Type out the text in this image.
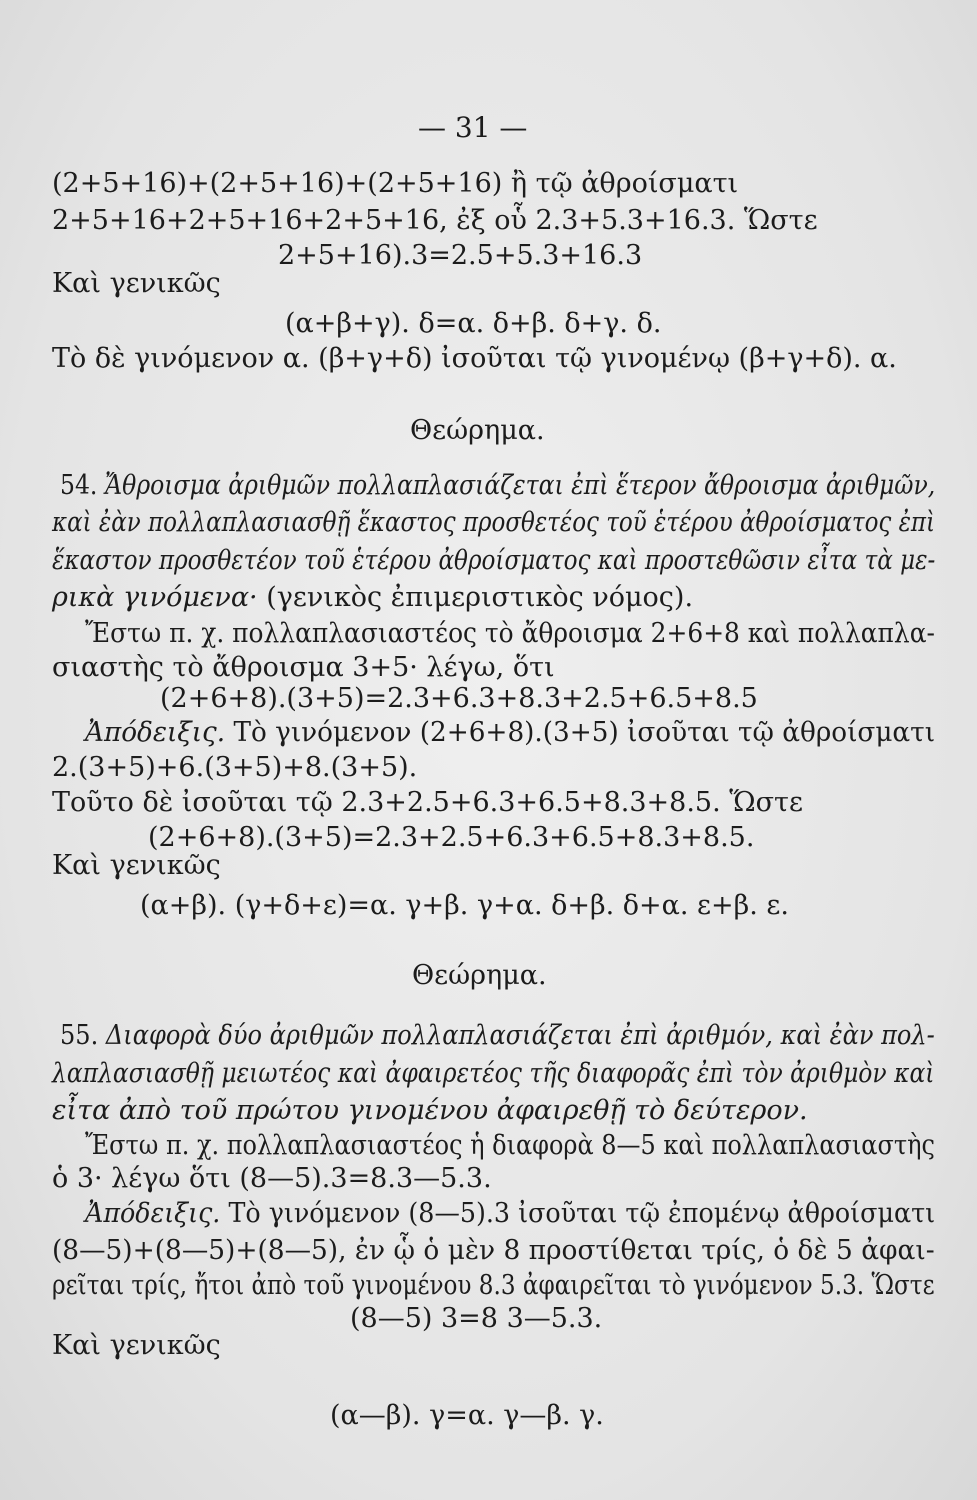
— 31 —
(2+5+16)+(2+5+16)+(2+5+16) ἢ τῷ ἀθροίσματι
2+5+16+2+5+16+2+5+16, ἐξ οὗ 2.3+5.3+16.3. Ὥστε
2+5+16).3=2.5+5.3+16.3
Καὶ γενικῶς
(α+β+γ). δ=α. δ+β. δ+γ. δ.
Τὸ δὲ γινόμενον α. (β+γ+δ) ἰσοῦται τῷ γινομένῳ (β+γ+δ). α.
Θεώρημα.
54. Ἄθροισμα ἀριθμῶν πολλαπλασιάζεται ἐπὶ ἕτερον ἄθροισμα ἀριθμῶν,
καὶ ἐὰν πολλαπλασιασθῇ ἕκαστος προσθετέος τοῦ ἑτέρου ἀθροίσματος ἐπὶ
ἕκαστον προσθετέον τοῦ ἑτέρου ἀθροίσματος καὶ προστεθῶσιν εἶτα τὰ με-
ρικὰ γινόμενα· (γενικὸς ἐπιμεριστικὸς νόμος).
Ἔστω π. χ. πολλαπλασιαστέος τὸ ἄθροισμα 2+6+8 καὶ πολλαπλα-
σιαστὴς τὸ ἄθροισμα 3+5· λέγω, ὅτι
(2+6+8).(3+5)=2.3+6.3+8.3+2.5+6.5+8.5
Ἀπόδειξις. Τὸ γινόμενον (2+6+8).(3+5) ἰσοῦται τῷ ἀθροίσματι
2.(3+5)+6.(3+5)+8.(3+5).
Τοῦτο δὲ ἰσοῦται τῷ 2.3+2.5+6.3+6.5+8.3+8.5. Ὥστε
(2+6+8).(3+5)=2.3+2.5+6.3+6.5+8.3+8.5.
Καὶ γενικῶς
(α+β). (γ+δ+ε)=α. γ+β. γ+α. δ+β. δ+α. ε+β. ε.
Θεώρημα.
55. Διαφορὰ δύο ἀριθμῶν πολλαπλασιάζεται ἐπὶ ἀριθμόν, καὶ ἐὰν πολ-
λαπλασιασθῇ μειωτέος καὶ ἀφαιρετέος τῆς διαφορᾶς ἐπὶ τὸν ἀριθμὸν καὶ
εἶτα ἀπὸ τοῦ πρώτου γινομένου ἀφαιρεθῇ τὸ δεύτερον.
Ἔστω π. χ. πολλαπλασιαστέος ἡ διαφορὰ 8—5 καὶ πολλαπλασιαστὴς
ὁ 3· λέγω ὅτι (8—5).3=8.3—5.3.
Ἀπόδειξις. Τὸ γινόμενον (8—5).3 ἰσοῦται τῷ ἐπομένῳ ἀθροίσματι
(8—5)+(8—5)+(8—5), ἐν ᾧ ὁ μὲν 8 προστίθεται τρίς, ὁ δὲ 5 ἀφαι-
ρεῖται τρίς, ἤτοι ἀπὸ τοῦ γινομένου 8.3 ἀφαιρεῖται τὸ γινόμενον 5.3. Ὥστε
(8—5) 3=8 3—5.3.
Καὶ γενικῶς
(α—β). γ=α. γ—β. γ.
